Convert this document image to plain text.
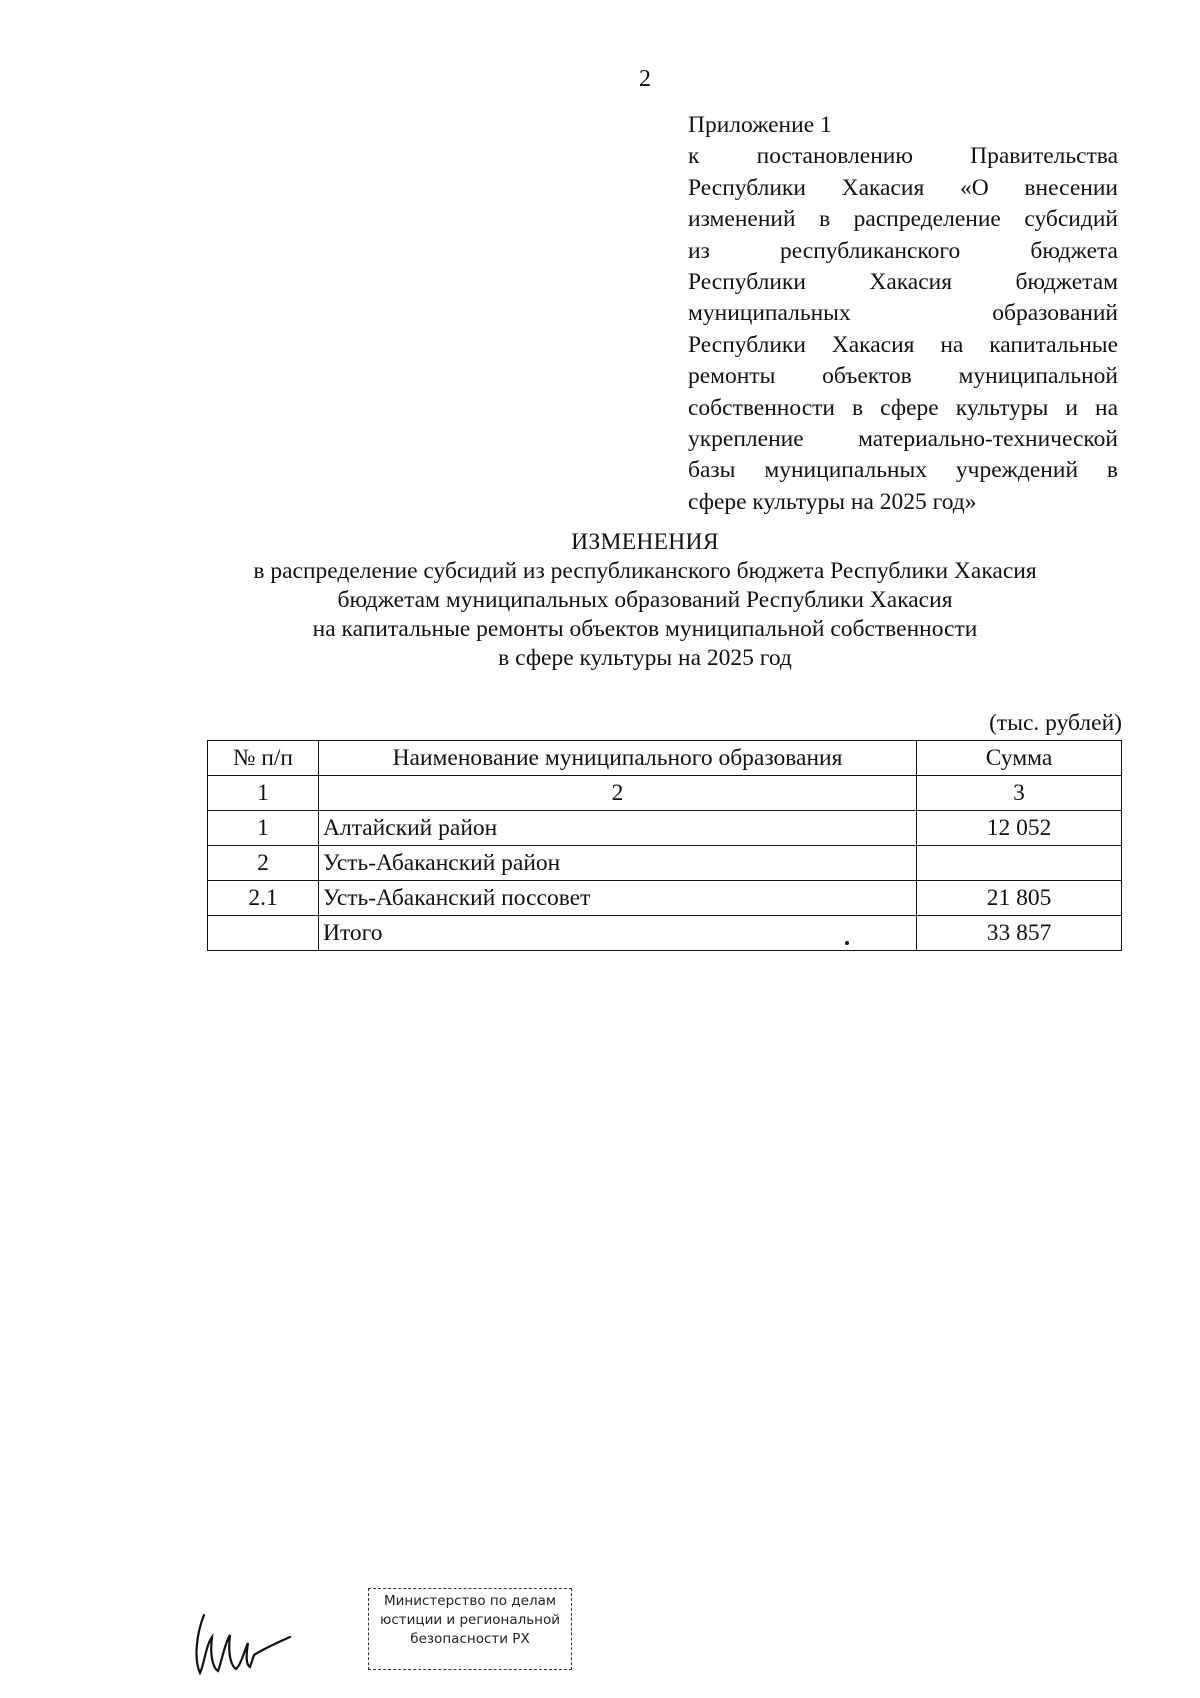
2
Приложение 1
к постановлению Правительства
Республики Хакасия «О внесении
изменений в распределение субсидий
из республиканского бюджета
Республики Хакасия бюджетам
муниципальных образований
Республики Хакасия на капитальные
ремонты объектов муниципальной
собственности в сфере культуры и на
укрепление материально-технической
базы муниципальных учреждений в
сфере культуры на 2025 год»
ИЗМЕНЕНИЯ
в распределение субсидий из республиканского бюджета Республики Хакасия
бюджетам муниципальных образований Республики Хакасия
на капитальные ремонты объектов муниципальной собственности
в сфере культуры на 2025 год
(тыс. рублей)
№ п/п	Наименование муниципального образования	Сумма
1	2	3
1	Алтайский район	12 052
2	Усть-Абаканский район	
2.1	Усть-Абаканский поссовет	21 805
	Итого	33 857
Министерство по делам
юстиции и региональной
безопасности РХ
